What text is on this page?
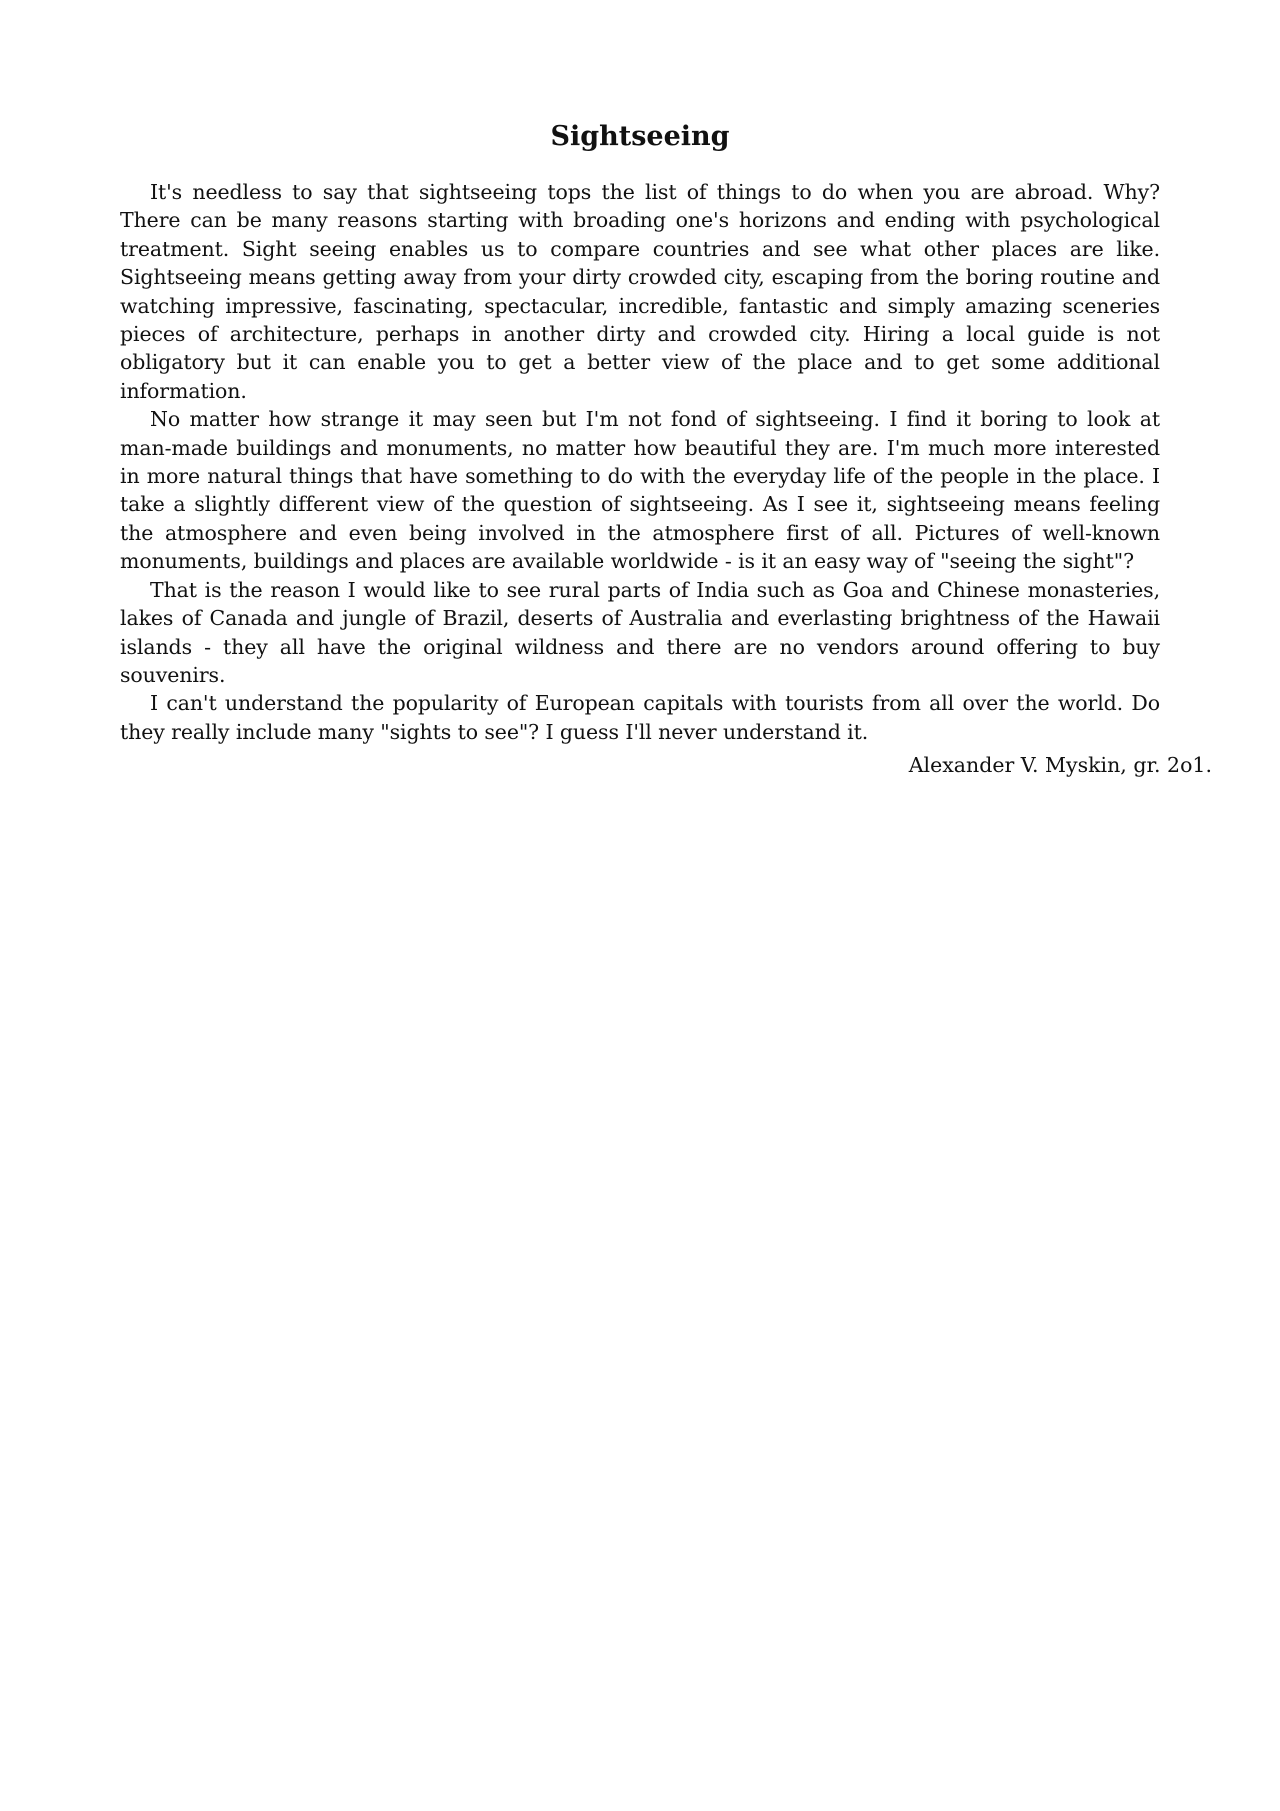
Sightseeing

It's needless to say that sightseeing tops the list of things to do when you are abroad. Why? There can be many reasons starting with broading one's horizons and ending with psychological treatment. Sight seeing enables us to compare countries and see what other places are like. Sightseeing means getting away from your dirty crowded city, escaping from the boring routine and watching impressive, fascinating, spectacular, incredible, fantastic and simply amazing sceneries pieces of architecture, perhaps in another dirty and crowded city. Hiring a local guide is not obligatory but it can enable you to get a better view of the place and to get some additional information.

No matter how strange it may seen but I'm not fond of sightseeing. I find it boring to look at man-made buildings and monuments, no matter how beautiful they are. I'm much more interested in more natural things that have something to do with the everyday life of the people in the place. I take a slightly different view of the question of sightseeing. As I see it, sightseeing means feeling the atmosphere and even being involved in the atmosphere first of all. Pictures of well-known monuments, buildings and places are available worldwide - is it an easy way of "seeing the sight"?

That is the reason I would like to see rural parts of India such as Goa and Chinese monasteries, lakes of Canada and jungle of Brazil, deserts of Australia and everlasting brightness of the Hawaii islands - they all have the original wildness and there are no vendors around offering to buy souvenirs.

I can't understand the popularity of European capitals with tourists from all over the world. Do they really include many "sights to see"? I guess I'll never understand it.

Alexander V. Myskin, gr. 2o1.
